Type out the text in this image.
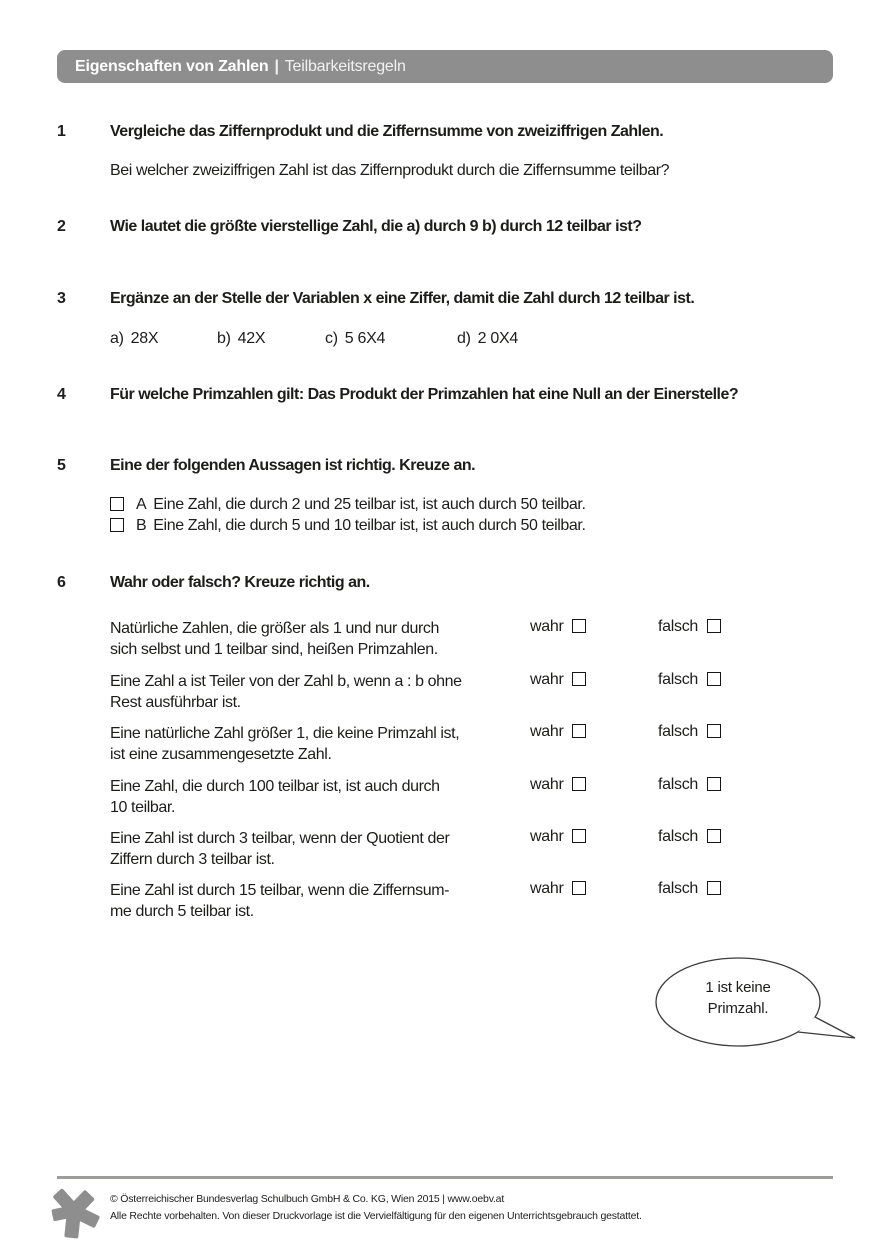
Eigenschaften von Zahlen | Teilbarkeitsregeln
1	Vergleiche das Ziffernprodukt und die Ziffernsumme von zweiziffrigen Zahlen.
Bei welcher zweiziffrigen Zahl ist das Ziffernprodukt durch die Ziffernsumme teilbar?
2	Wie lautet die größte vierstellige Zahl, die a) durch 9 b) durch 12 teilbar ist?
3	Ergänze an der Stelle der Variablen x eine Ziffer, damit die Zahl durch 12 teilbar ist.
a) 28X	b) 42X	c) 5 6X4	d) 2 0X4
4	Für welche Primzahlen gilt: Das Produkt der Primzahlen hat eine Null an der Einerstelle?
5	Eine der folgenden Aussagen ist richtig. Kreuze an.
A Eine Zahl, die durch 2 und 25 teilbar ist, ist auch durch 50 teilbar.
B Eine Zahl, die durch 5 und 10 teilbar ist, ist auch durch 50 teilbar.
6	Wahr oder falsch? Kreuze richtig an.
Natürliche Zahlen, die größer als 1 und nur durch
sich selbst und 1 teilbar sind, heißen Primzahlen.
wahr	falsch
Eine Zahl a ist Teiler von der Zahl b, wenn a : b ohne
Rest ausführbar ist.
wahr	falsch
Eine natürliche Zahl größer 1, die keine Primzahl ist,
ist eine zusammengesetzte Zahl.
wahr	falsch
Eine Zahl, die durch 100 teilbar ist, ist auch durch
10 teilbar.
wahr	falsch
Eine Zahl ist durch 3 teilbar, wenn der Quotient der
Ziffern durch 3 teilbar ist.
wahr	falsch
Eine Zahl ist durch 15 teilbar, wenn die Ziffernsum-
me durch 5 teilbar ist.
wahr	falsch
1 ist keine
Primzahl.
© Österreichischer Bundesverlag Schulbuch GmbH & Co. KG, Wien 2015 | www.oebv.at
Alle Rechte vorbehalten. Von dieser Druckvorlage ist die Vervielfältigung für den eigenen Unterrichtsgebrauch gestattet.
